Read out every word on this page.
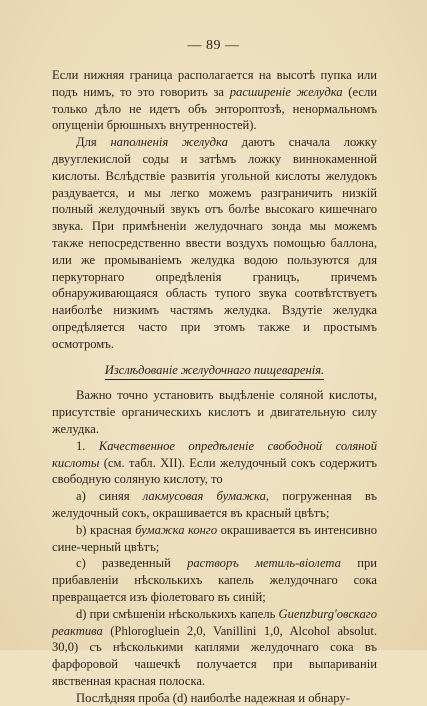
— 89 —

Если нижняя граница располагается на высотѣ пупка или подъ нимъ, то это говорить за расширеніе желудка (если только дѣло не идетъ объ энтороптозѣ, ненормальномъ опущеніи брюшныхъ внутренностей).

Для наполненія желудка даютъ сначала ложку двууглекислой соды и затѣмъ ложку виннокаменной кислоты. Вслѣдствіе развитія угольной кислоты желудокъ раздувается, и мы легко можемъ разграничить низкій полный желудочный звукъ отъ болѣе высокаго кишечнаго звука. При примѣненіи желудочнаго зонда мы можемъ также непосредственно ввести воздухъ помощью баллона, или же промываніемъ желудка водою пользуются для перкуторнаго опредѣленія границъ, причемъ обнаруживающаяся область тупого звука соотвѣтствуетъ наиболѣе низкимъ частямъ желудка. Вздутіе желудка опредѣляется часто при этомъ также и простымъ осмотромъ.

Изслѣдованіе желудочнаго пищеваренія.

Важно точно установить выдѣленіе соляной кислоты, присутствіе органическихъ кислотъ и двигательную силу желудка.

1. Качественное опредѣленіе свободной соляной кислоты (см. табл. XII). Если желудочный сокъ содержитъ свободную соляную кислоту, то

a) синяя лакмусовая бумажка, погруженная въ желудочный сокъ, окрашивается въ красный цвѣтъ;

b) красная бумажка конго окрашивается въ интенсивно сине-черный цвѣтъ;

c) разведенный растворъ метиль-віолета при прибавленіи нѣсколькихъ капель желудочнаго сока превращается изъ фіолетоваго въ синій;

d) при смѣшеніи нѣсколькихъ капель Guenzburg'овскаго реактива (Phlorogluein 2,0, Vanillini 1,0, Alcohol absolut. 30,0) съ нѣсколькими каплями желудочнаго сока въ фарфоровой чашечкѣ получается при выпариваніи явственная красная полоска.

Послѣдняя проба (d) наиболѣе надежная и обнару-
